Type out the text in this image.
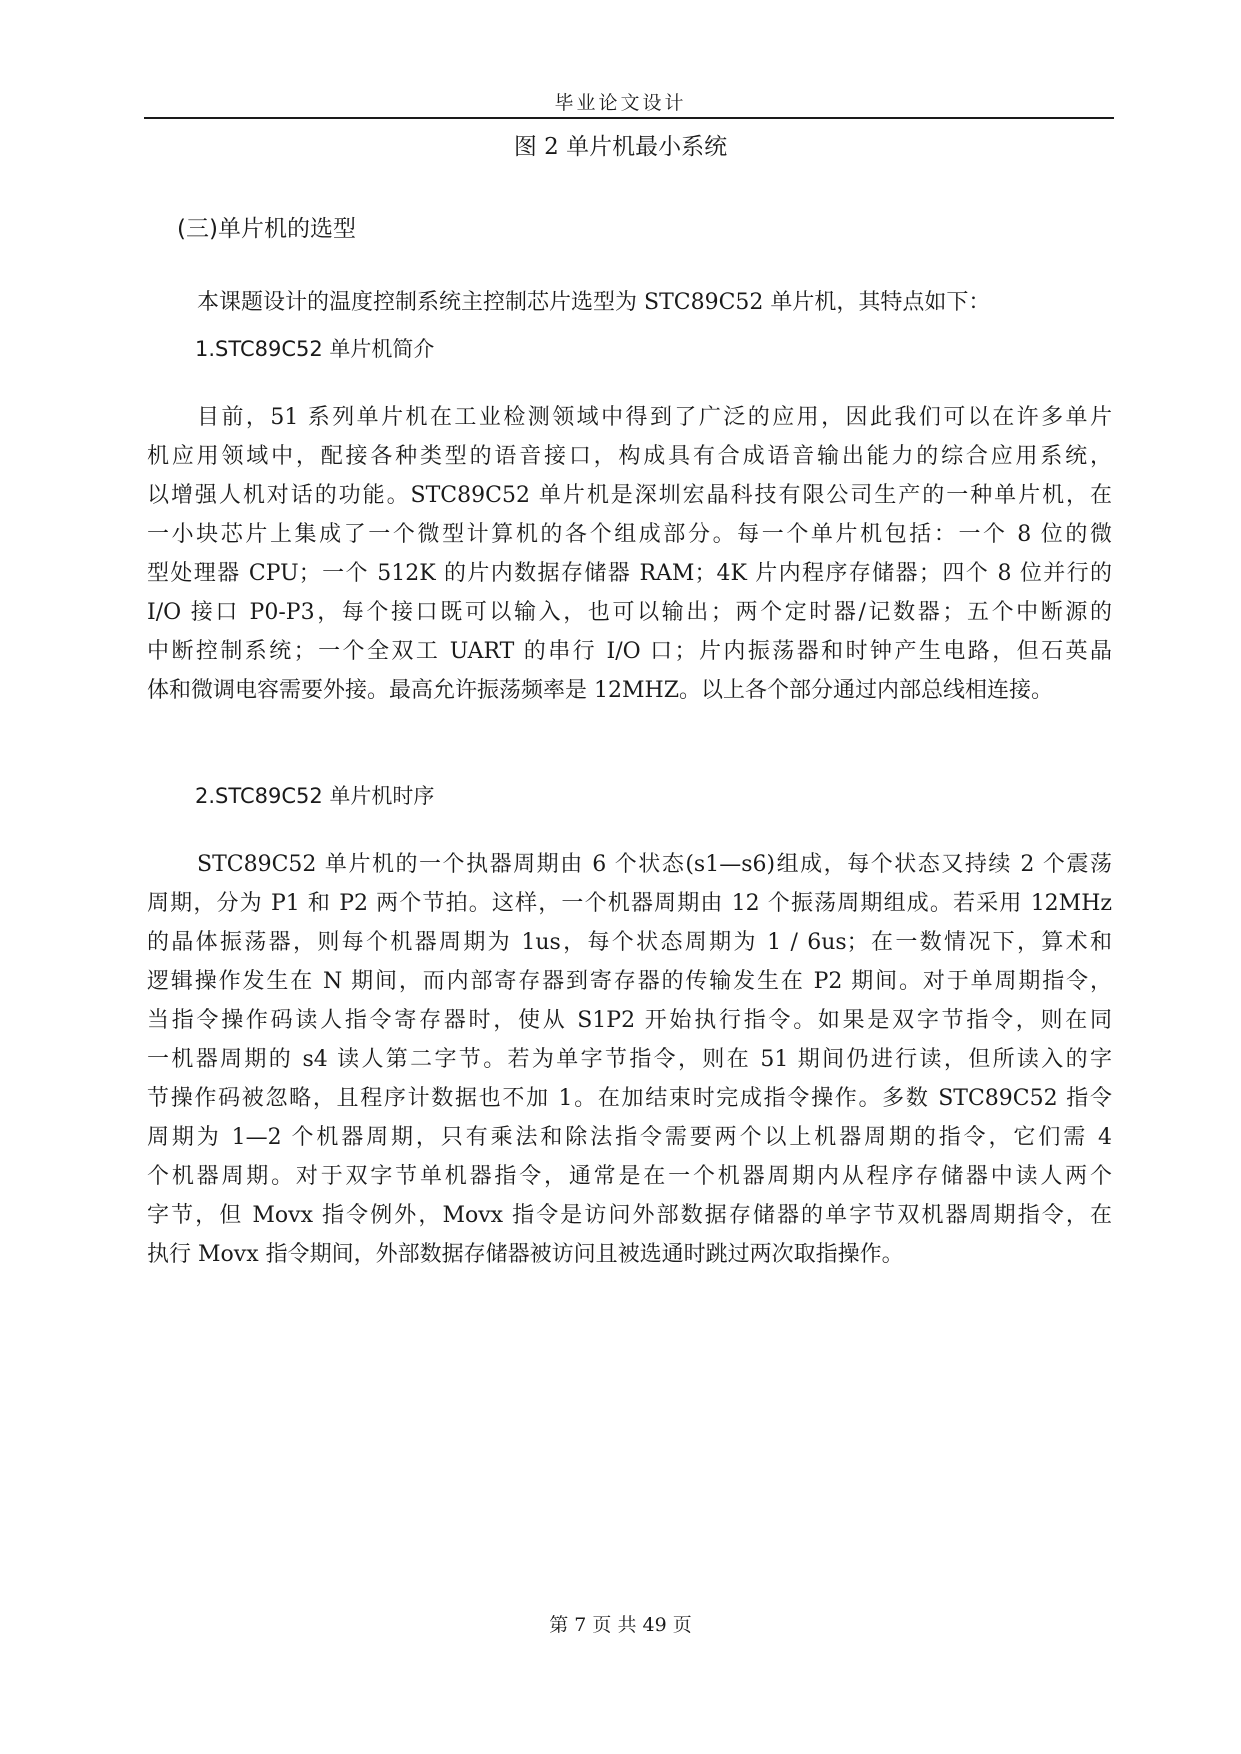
毕业论文设计
图 2 单片机最小系统
(三)单片机的选型
本课题设计的温度控制系统主控制芯片选型为 STC89C52 单片机，其特点如下：
1.STC89C52 单片机简介
目前，51 系列单片机在工业检测领域中得到了广泛的应用，因此我们可以在许多单片
机应用领域中，配接各种类型的语音接口，构成具有合成语音输出能力的综合应用系统，
以增强人机对话的功能。STC89C52 单片机是深圳宏晶科技有限公司生产的一种单片机，在
一小块芯片上集成了一个微型计算机的各个组成部分。每一个单片机包括：一个 8 位的微
型处理器 CPU；一个 512K 的片内数据存储器 RAM；4K 片内程序存储器；四个 8 位并行的
I/O 接口 P0-P3，每个接口既可以输入，也可以输出；两个定时器/记数器；五个中断源的
中断控制系统；一个全双工 UART 的串行 I/O 口；片内振荡器和时钟产生电路，但石英晶
体和微调电容需要外接。最高允许振荡频率是 12MHZ。以上各个部分通过内部总线相连接。
2.STC89C52 单片机时序
STC89C52 单片机的一个执器周期由 6 个状态(s1—s6)组成，每个状态又持续 2 个震荡
周期，分为 P1 和 P2 两个节拍。这样，一个机器周期由 12 个振荡周期组成。若采用 12MHz
的晶体振荡器，则每个机器周期为 1us，每个状态周期为 1 / 6us；在一数情况下，算术和
逻辑操作发生在 N 期间，而内部寄存器到寄存器的传输发生在 P2 期间。对于单周期指令，
当指令操作码读人指令寄存器时，使从 S1P2 开始执行指令。如果是双字节指令，则在同
一机器周期的 s4 读人第二字节。若为单字节指令，则在 51 期间仍进行读，但所读入的字
节操作码被忽略，且程序计数据也不加 1。在加结束时完成指令操作。多数 STC89C52 指令
周期为 1—2 个机器周期，只有乘法和除法指令需要两个以上机器周期的指令，它们需 4
个机器周期。对于双字节单机器指令，通常是在一个机器周期内从程序存储器中读人两个
字节，但 Movx 指令例外，Movx 指令是访问外部数据存储器的单字节双机器周期指令，在
执行 Movx 指令期间，外部数据存储器被访问且被选通时跳过两次取指操作。
第 7 页 共 49 页
